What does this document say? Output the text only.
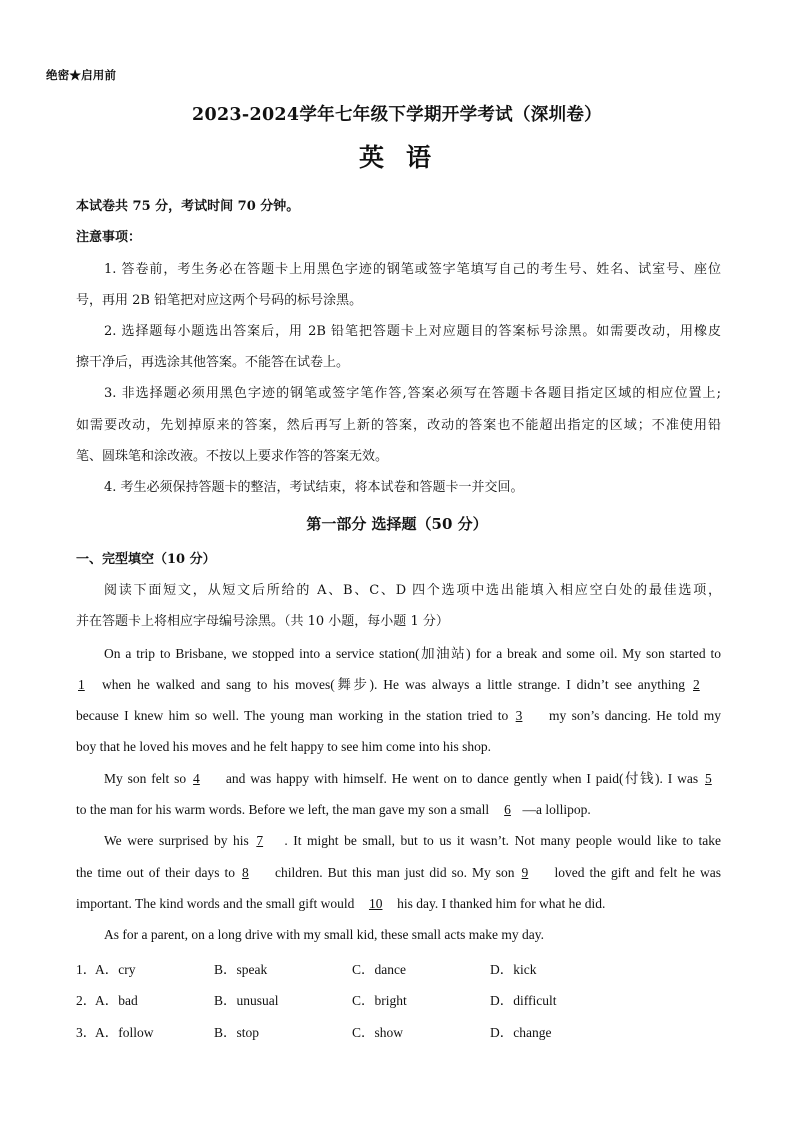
绝密★启用前
2023-2024学年七年级下学期开学考试（深圳卷）
英语
本试卷共 75 分，考试时间 70 分钟。
注意事项：
1. 答卷前，考生务必在答题卡上用黑色字迹的钢笔或签字笔填写自己的考生号、姓名、试室号、座位
号，再用 2B 铅笔把对应这两个号码的标号涂黑。
2. 选择题每小题选出答案后，用 2B 铅笔把答题卡上对应题目的答案标号涂黑。如需要改动，用橡皮
擦干净后，再选涂其他答案。不能答在试卷上。
3. 非选择题必须用黑色字迹的钢笔或签字笔作答,答案必须写在答题卡各题目指定区域的相应位置上;
如需要改动，先划掉原来的答案，然后再写上新的答案，改动的答案也不能超出指定的区域；不准使用铅
笔、圆珠笔和涂改液。不按以上要求作答的答案无效。
4. 考生必须保持答题卡的整洁，考试结束，将本试卷和答题卡一并交回。
第一部分 选择题（50 分）
一、完型填空（10 分）
阅读下面短文，从短文后所给的 A、B、C、D 四个选项中选出能填入相应空白处的最佳选项，
并在答题卡上将相应字母编号涂黑。（共 10 小题，每小题 1 分）
On a trip to Brisbane, we stopped into a service station(加油站) for a break and some oil. My son started to
1 when he walked and sang to his moves(舞步). He was always a little strange. I didn’t see anything 2
because I knew him so well. The young man working in the station tried to 3 my son’s dancing. He told my
boy that he loved his moves and he felt happy to see him come into his shop.
My son felt so 4 and was happy with himself. He went on to dance gently when I paid(付钱). I was 5
to the man for his warm words. Before we left, the man gave my son a small 6 —a lollipop.
We were surprised by his 7 . It might be small, but to us it wasn’t. Not many people would like to take
the time out of their days to 8 children. But this man just did so. My son 9 loved the gift and felt he was
important. The kind words and the small gift would 10 his day. I thanked him for what he did.
As for a parent, on a long drive with my small kid, these small acts make my day.
1．
A．cry	B．speak	C．dance	D．kick
2．
A．bad	B．unusual	C．bright	D．difficult
3．
A．follow	B．stop	C．show	D．change
